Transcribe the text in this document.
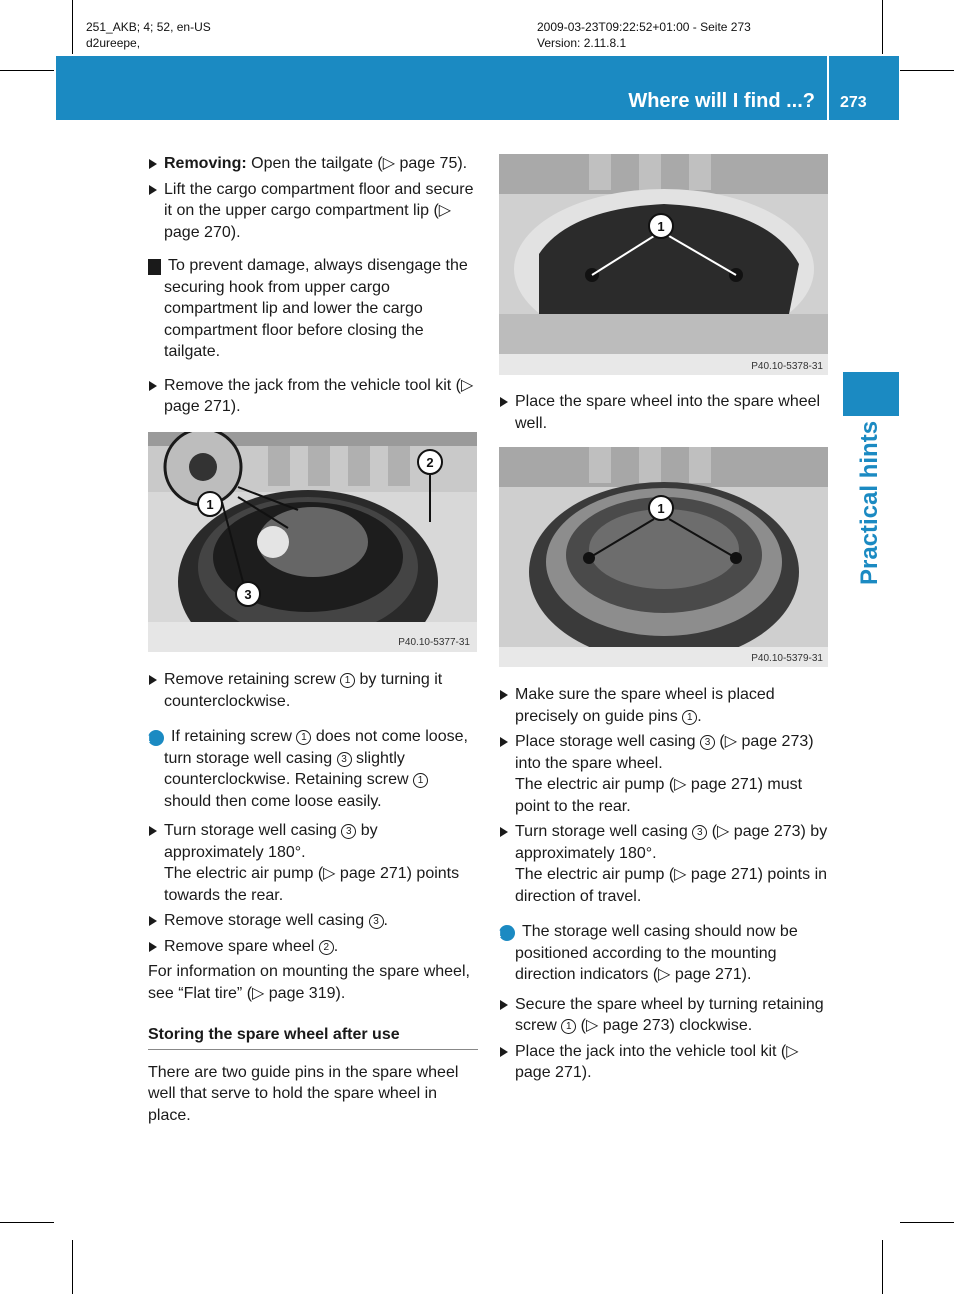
251_AKB; 4; 52, en-US
d2ureepe,
2009-03-23T09:22:52+01:00 - Seite 273
Version: 2.11.8.1
Where will I find ...? 273
Practical hints

Removing: Open the tailgate (▷ page 75).

Lift the cargo compartment floor and secure it on the upper cargo compartment lip (▷ page 270).

! To prevent damage, always disengage the securing hook from upper cargo compartment lip and lower the cargo compartment floor before closing the tailgate.

Remove the jack from the vehicle tool kit (▷ page 271).

1
2
3
P40.10-5377-31

Remove retaining screw 1 by turning it counterclockwise.

i If retaining screw 1 does not come loose, turn storage well casing 3 slightly counterclockwise. Retaining screw 1 should then come loose easily.

Turn storage well casing 3 by approximately 180°.
The electric air pump (▷ page 271) points towards the rear.

Remove storage well casing 3 .

Remove spare wheel 2 .

For information on mounting the spare wheel, see “Flat tire” (▷ page 319).

Storing the spare wheel after use

There are two guide pins in the spare wheel well that serve to hold the spare wheel in place.

1
P40.10-5378-31

Place the spare wheel into the spare wheel well.

1
P40.10-5379-31

Make sure the spare wheel is placed precisely on guide pins 1 .

Place storage well casing 3 (▷ page 273) into the spare wheel.
The electric air pump (▷ page 271) must point to the rear.

Turn storage well casing 3 (▷ page 273) by approximately 180°.
The electric air pump (▷ page 271) points in direction of travel.

i The storage well casing should now be positioned according to the mounting direction indicators (▷ page 271).

Secure the spare wheel by turning retaining screw 1 (▷ page 273) clockwise.

Place the jack into the vehicle tool kit (▷ page 271).
